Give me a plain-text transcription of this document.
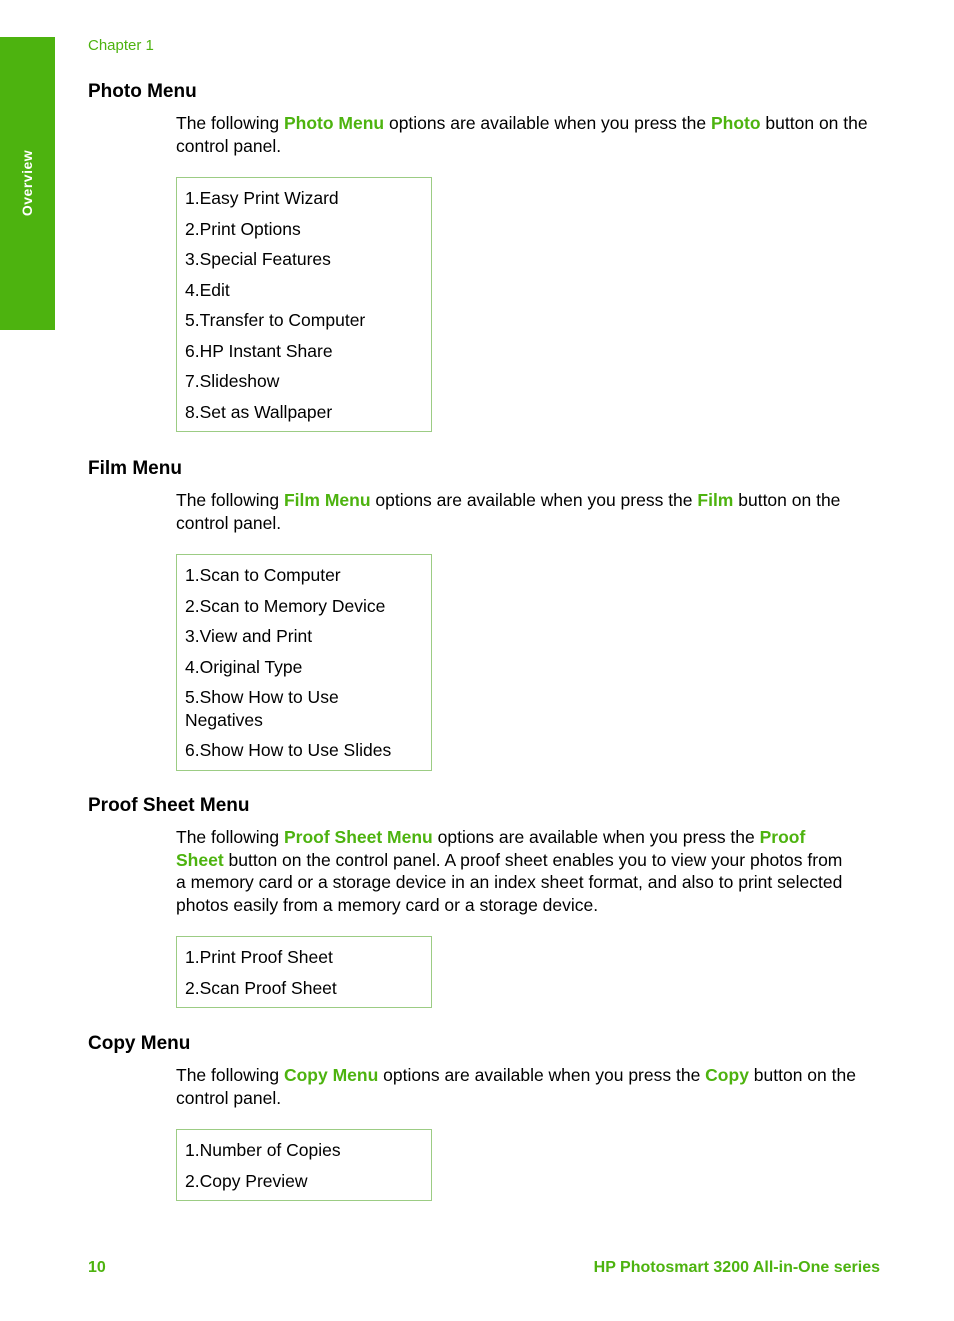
Overview
Chapter 1
Photo Menu

The following Photo Menu options are available when you press the Photo button on the control panel.

1.Easy Print Wizard
2.Print Options
3.Special Features
4.Edit
5.Transfer to Computer
6.HP Instant Share
7.Slideshow
8.Set as Wallpaper
Film Menu

The following Film Menu options are available when you press the Film button on the control panel.

1.Scan to Computer
2.Scan to Memory Device
3.View and Print
4.Original Type
5.Show How to Use Negatives
6.Show How to Use Slides
Proof Sheet Menu

The following Proof Sheet Menu options are available when you press the Proof Sheet button on the control panel. A proof sheet enables you to view your photos from a memory card or a storage device in an index sheet format, and also to print selected photos easily from a memory card or a storage device.

1.Print Proof Sheet
2.Scan Proof Sheet
Copy Menu

The following Copy Menu options are available when you press the Copy button on the control panel.

1.Number of Copies
2.Copy Preview
10	HP Photosmart 3200 All-in-One series
